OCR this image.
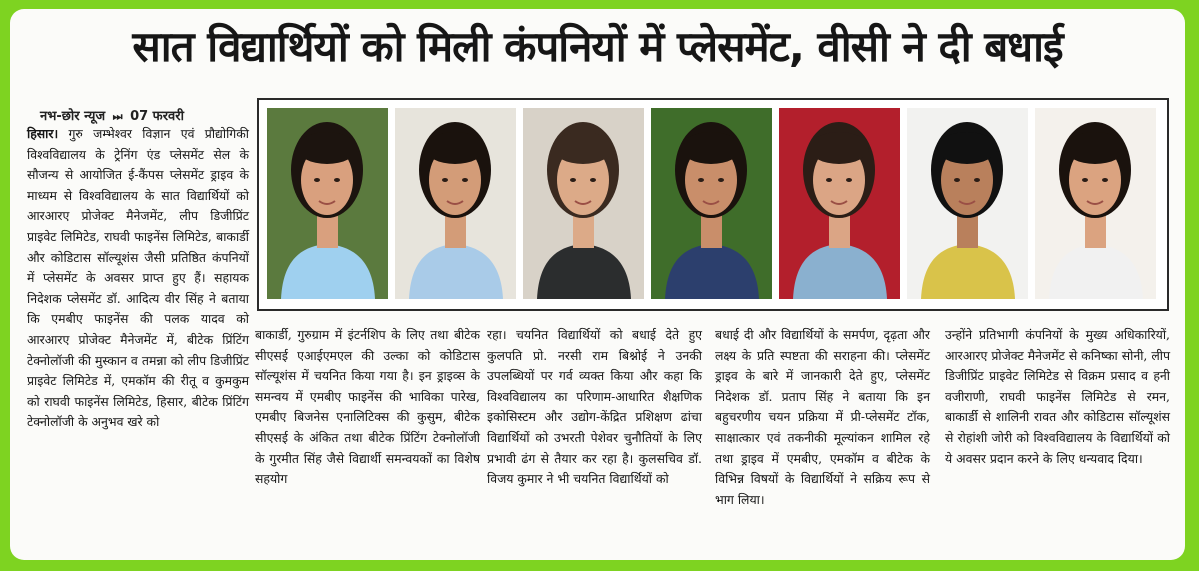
सात विद्यार्थियों को मिली कंपनियों में प्लेसमेंट, वीसी ने दी बधाई
नभ-छोर न्यूज ⏭ 07 फरवरी

हिसार। गुरु जम्भेश्वर विज्ञान एवं प्रौद्योगिकी विश्वविद्यालय के ट्रेनिंग एंड प्लेसमेंट सेल के सौजन्य से आयोजित ई-कैंपस प्लेसमेंट ड्राइव के माध्यम से विश्वविद्यालय के सात विद्यार्थियों को आरआरए प्रोजेक्ट मैनेजमेंट, लीप डिजीप्रिंट प्राइवेट लिमिटेड, राघवी फाइनेंस लिमिटेड, बाकार्डी और कोडिटास सॉल्यूशंस जैसी प्रतिष्ठित कंपनियों में प्लेसमेंट के अवसर प्राप्त हुए हैं। सहायक निदेशक प्लेसमेंट डॉ. आदित्य वीर सिंह ने बताया कि एमबीए फाइनेंस की पलक यादव को आरआरए प्रोजेक्ट मैनेजमेंट में, बीटेक प्रिंटिंग टेक्नोलॉजी की मुस्कान व तमन्ना को लीप डिजीप्रिंट प्राइवेट लिमिटेड में, एमकॉम की रीतू व कुमकुम को राघवी फाइनेंस लिमिटेड, हिसार, बीटेक प्रिंटिंग टेक्नोलॉजी के अनुभव खरे को

बाकार्डी, गुरुग्राम में इंटर्नशिप के लिए तथा बीटेक सीएसई एआईएमएल की उल्का को कोडिटास सॉल्यूशंस में चयनित किया गया है। इन ड्राइव्स के समन्वय में एमबीए फाइनेंस की भाविका पारेख, एमबीए बिजनेस एनालिटिक्स की कुसुम, बीटेक सीएसई के अंकित तथा बीटेक प्रिंटिंग टेक्नोलॉजी के गुरमीत सिंह जैसे विद्यार्थी समन्वयकों का विशेष सहयोग

रहा। चयनित विद्यार्थियों को बधाई देते हुए कुलपति प्रो. नरसी राम बिश्नोई ने उनकी उपलब्धियों पर गर्व व्यक्त किया और कहा कि विश्वविद्यालय का परिणाम-आधारित शैक्षणिक इकोसिस्टम और उद्योग-केंद्रित प्रशिक्षण ढांचा विद्यार्थियों को उभरती पेशेवर चुनौतियों के लिए प्रभावी ढंग से तैयार कर रहा है। कुलसचिव डॉ. विजय कुमार ने भी चयनित विद्यार्थियों को

बधाई दी और विद्यार्थियों के समर्पण, दृढ़ता और लक्ष्य के प्रति स्पष्टता की सराहना की। प्लेसमेंट ड्राइव के बारे में जानकारी देते हुए, प्लेसमेंट निदेशक डॉ. प्रताप सिंह ने बताया कि इन बहुचरणीय चयन प्रक्रिया में प्री-प्लेसमेंट टॉक, साक्षात्कार एवं तकनीकी मूल्यांकन शामिल रहे तथा ड्राइव में एमबीए, एमकॉम व बीटेक के विभिन्न विषयों के विद्यार्थियों ने सक्रिय रूप से भाग लिया।

उन्होंने प्रतिभागी कंपनियों के मुख्य अधिकारियों, आरआरए प्रोजेक्ट मैनेजमेंट से कनिष्का सोनी, लीप डिजीप्रिंट प्राइवेट लिमिटेड से विक्रम प्रसाद व हनी वजीराणी, राघवी फाइनेंस लिमिटेड से रमन, बाकार्डी से शालिनी रावत और कोडिटास सॉल्यूशंस से रोहांशी जोरी को विश्वविद्यालय के विद्यार्थियों को ये अवसर प्रदान करने के लिए धन्यवाद दिया।
